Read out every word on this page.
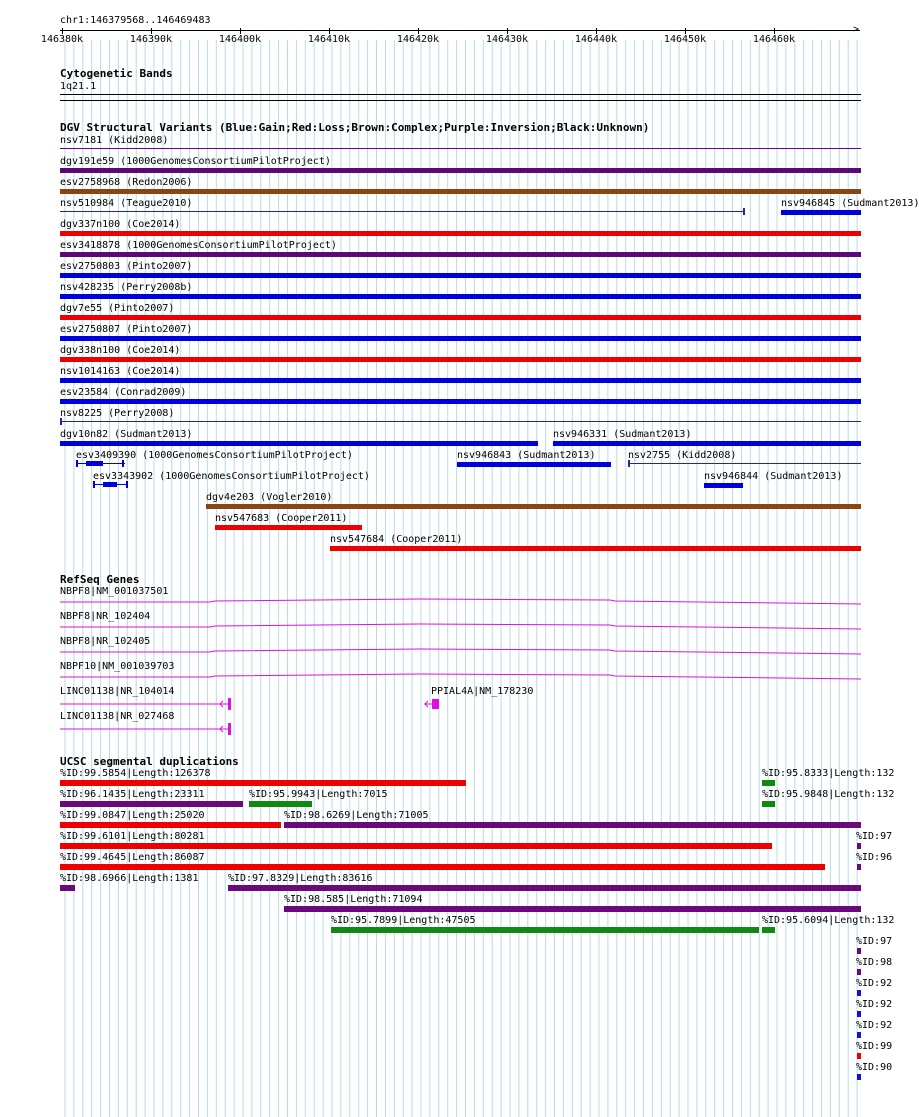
chr1:146379568..146469483
>
146380k	146390k	146400k	146410k	146420k	146430k	146440k	146450k	146460k
Cytogenetic Bands
1q21.1
DGV Structural Variants (Blue:Gain;Red:Loss;Brown:Complex;Purple:Inversion;Black:Unknown)
nsv7181 (Kidd2008)
dgv191e59 (1000GenomesConsortiumPilotProject)
esv2758968 (Redon2006)
nsv510984 (Teague2010)	nsv946845 (Sudmant2013)
dgv337n100 (Coe2014)
esv3418878 (1000GenomesConsortiumPilotProject)
esv2750803 (Pinto2007)
nsv428235 (Perry2008b)
dgv7e55 (Pinto2007)
esv2750807 (Pinto2007)
dgv338n100 (Coe2014)
nsv1014163 (Coe2014)
esv23584 (Conrad2009)
nsv8225 (Perry2008)
dgv10n82 (Sudmant2013)	nsv946331 (Sudmant2013)
esv3409390 (1000GenomesConsortiumPilotProject)	nsv946843 (Sudmant2013)	nsv2755 (Kidd2008)
esv3343902 (1000GenomesConsortiumPilotProject)	nsv946844 (Sudmant2013)
dgv4e203 (Vogler2010)
nsv547683 (Cooper2011)
nsv547684 (Cooper2011)
RefSeq Genes
NBPF8|NM_001037501
NBPF8|NR_102404
NBPF8|NR_102405
NBPF10|NM_001039703
LINC01138|NR_104014	PPIAL4A|NM_178230
LINC01138|NR_027468
UCSC segmental duplications
%ID:99.5854|Length:126378	%ID:95.8333|Length:132
%ID:96.1435|Length:23311	%ID:95.9943|Length:7015	%ID:95.9848|Length:132
%ID:99.0847|Length:25020	%ID:98.6269|Length:71005
%ID:99.6101|Length:80281	%ID:97
%ID:99.4645|Length:86087	%ID:96
%ID:98.6966|Length:1381	%ID:97.8329|Length:83616
%ID:98.585|Length:71094
%ID:95.7899|Length:47505	%ID:95.6094|Length:132
%ID:97
%ID:98
%ID:92
%ID:92
%ID:92
%ID:99
%ID:90
